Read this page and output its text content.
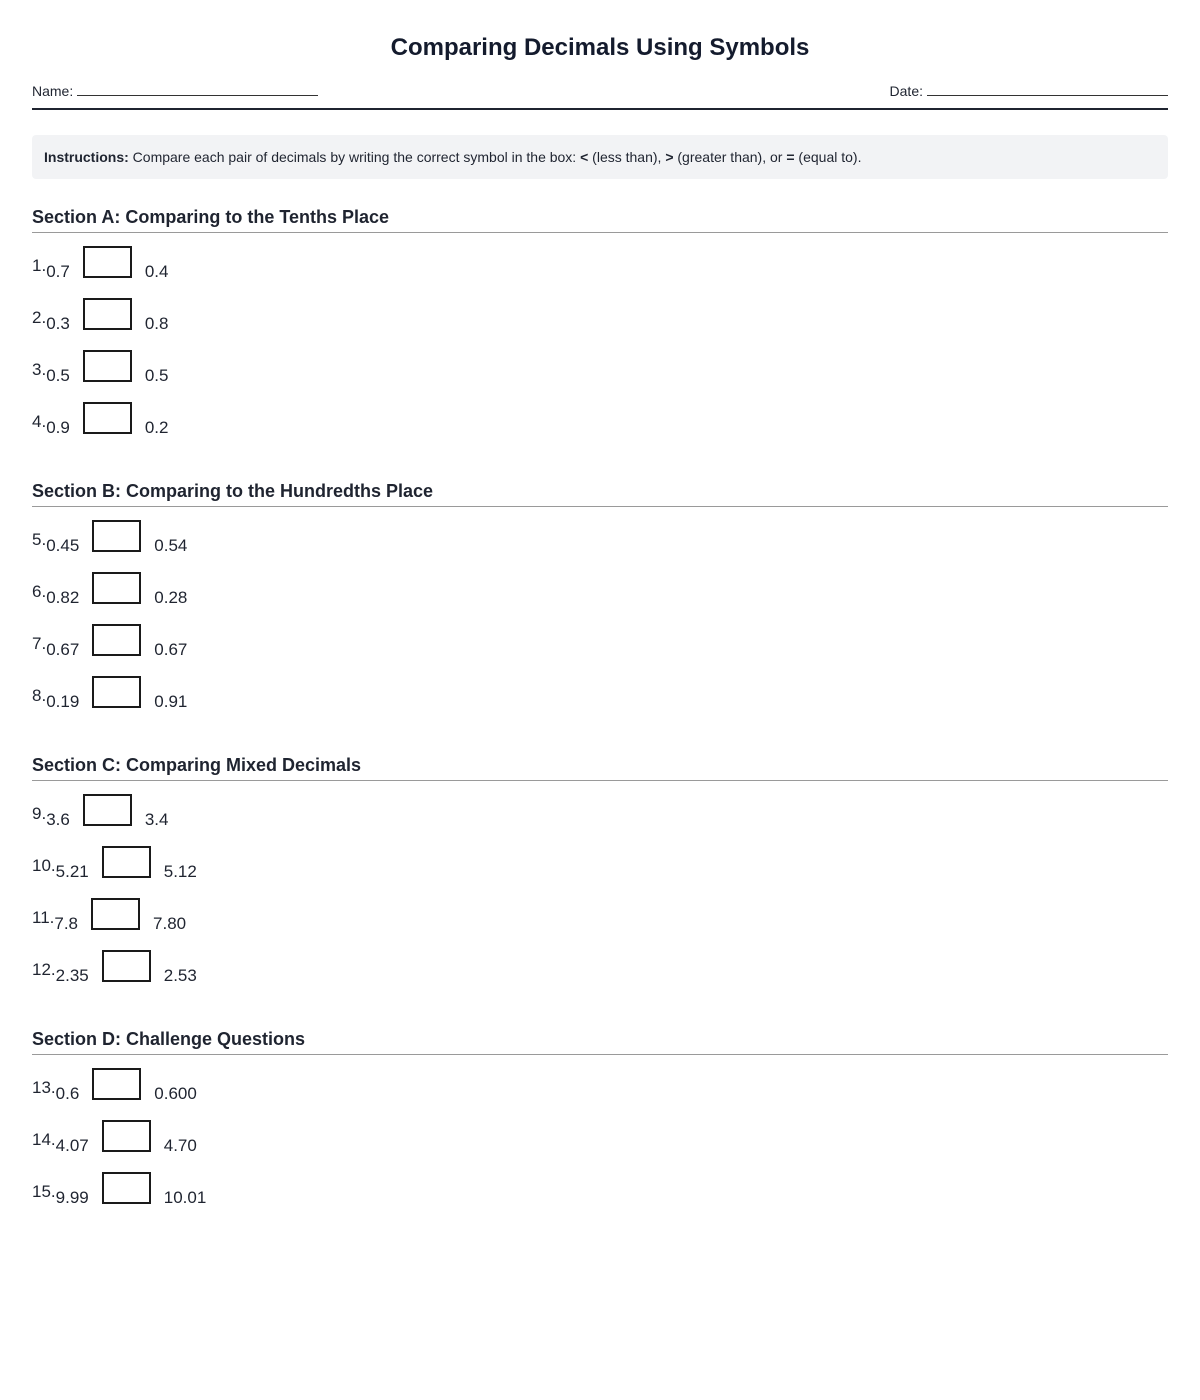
Comparing Decimals Using Symbols
Name:	Date:
Instructions: Compare each pair of decimals by writing the correct symbol in the box: < (less than), > (greater than), or = (equal to).
Section A: Comparing to the Tenths Place
1. 0.7	0.4
2. 0.3	0.8
3. 0.5	0.5
4. 0.9	0.2
Section B: Comparing to the Hundredths Place
5. 0.45	0.54
6. 0.82	0.28
7. 0.67	0.67
8. 0.19	0.91
Section C: Comparing Mixed Decimals
9. 3.6	3.4
10. 5.21	5.12
11. 7.8	7.80
12. 2.35	2.53
Section D: Challenge Questions
13. 0.6	0.600
14. 4.07	4.70
15. 9.99	10.01
